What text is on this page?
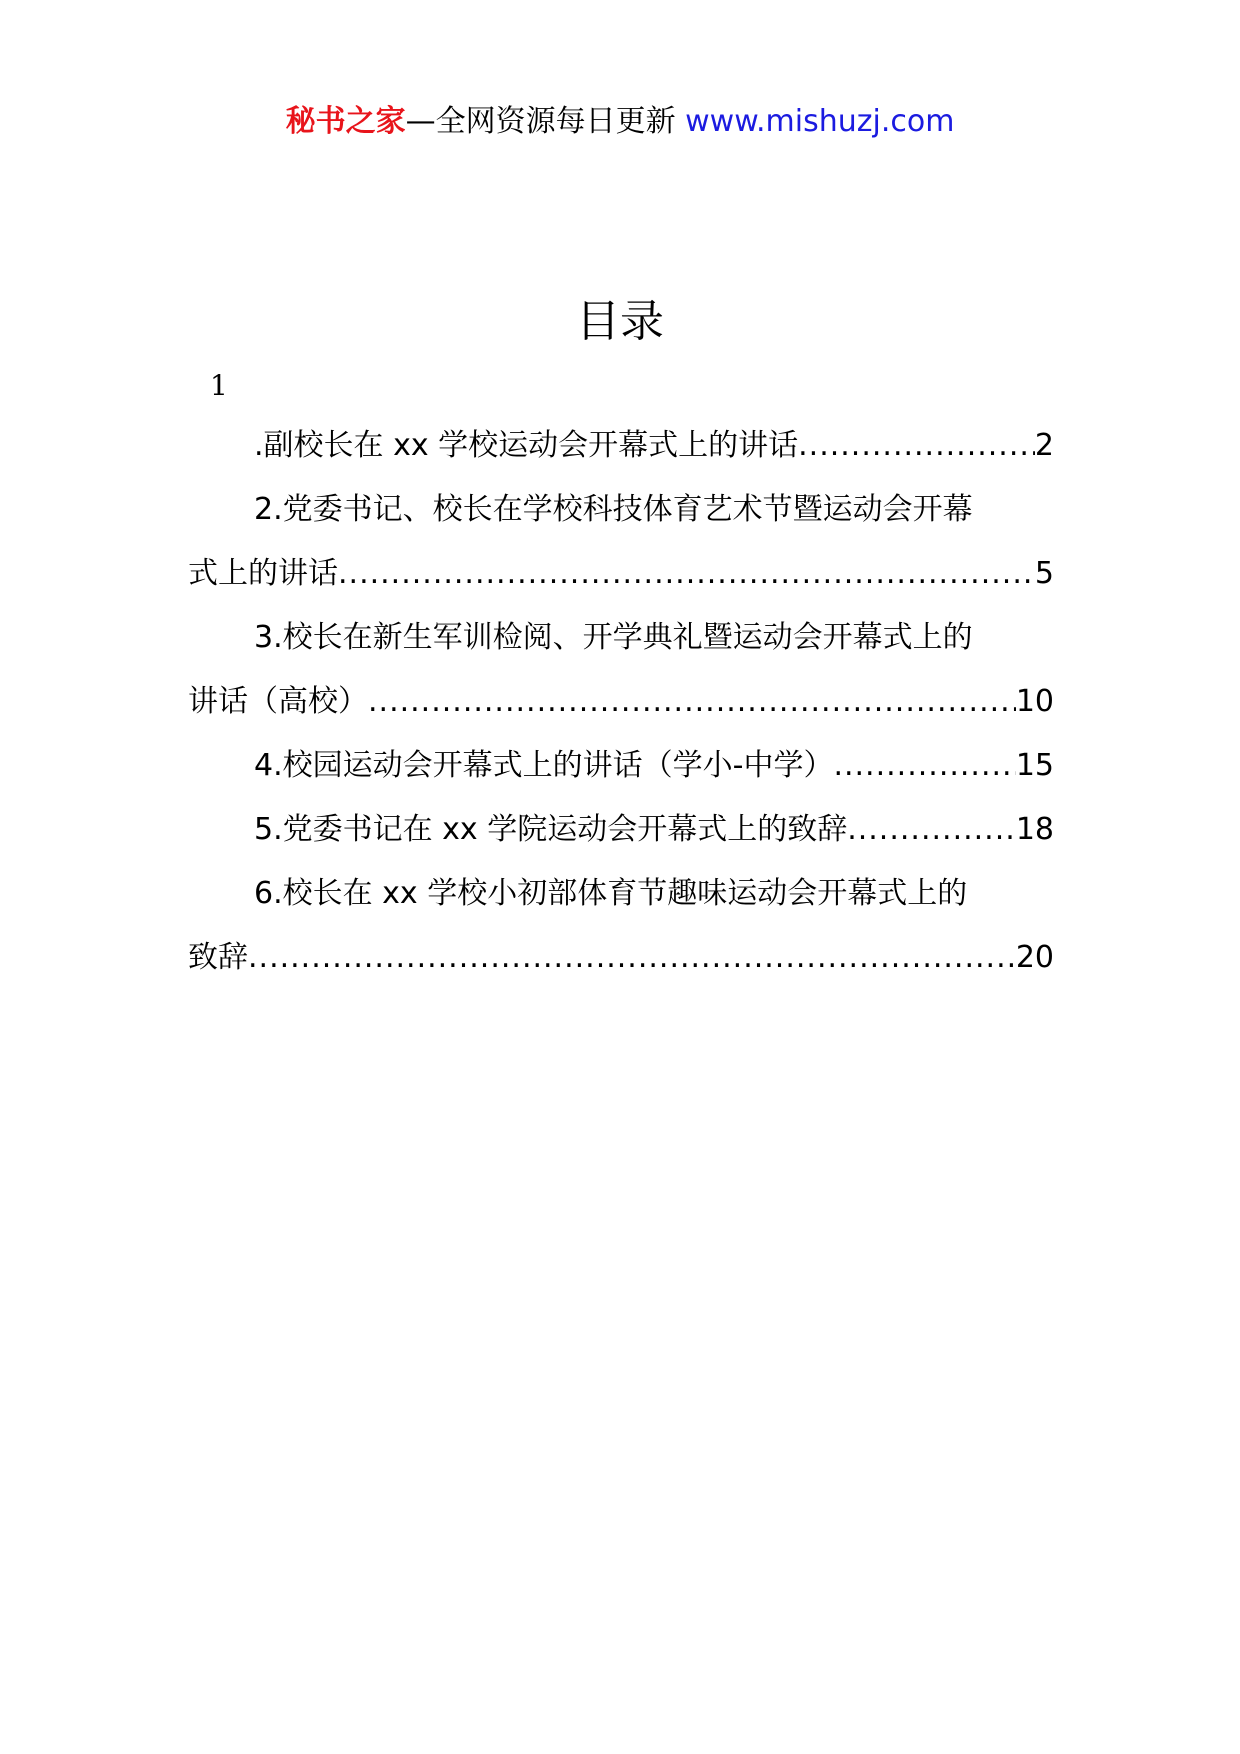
秘书之家—全网资源每日更新 www.mishuzj.com
目录
1
.副校长在 xx 学校运动会开幕式上的讲话 .....	2
2.党委书记、校长在学校科技体育艺术节暨运动会开幕
式上的讲话 .....	5
3.校长在新生军训检阅、开学典礼暨运动会开幕式上的
讲话（高校） .....	10
4.校园运动会开幕式上的讲话（学小-中学） .....	15
5.党委书记在 xx 学院运动会开幕式上的致辞 .....	18
6.校长在 xx 学校小初部体育节趣味运动会开幕式上的
致辞 .....	20
